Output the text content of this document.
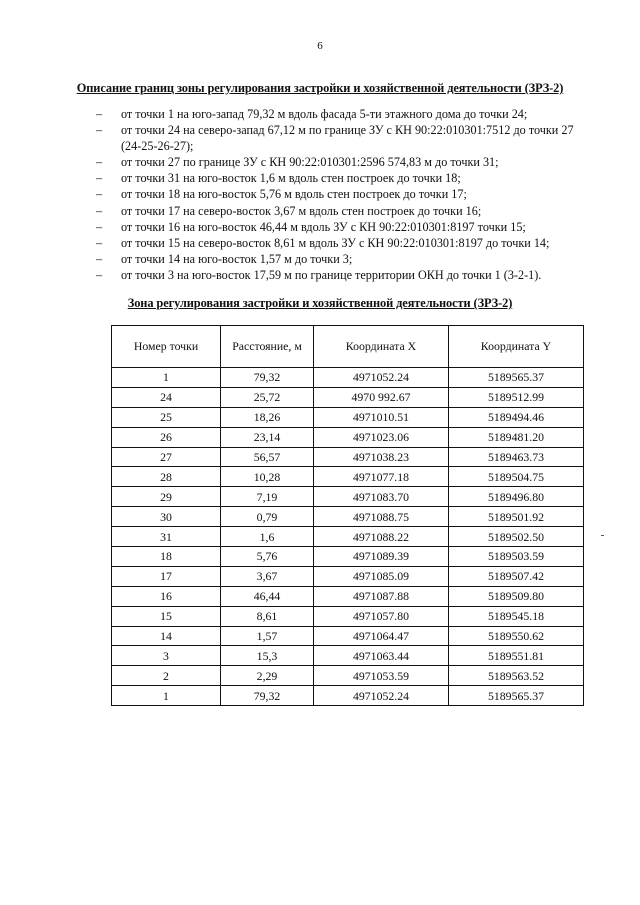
6
Описание границ зоны регулирования застройки и хозяйственной деятельности (ЗРЗ-2)
– от точки 1 на юго-запад 79,32 м вдоль фасада 5-ти этажного дома до точки 24;
– от точки 24 на северо-запад 67,12 м по границе ЗУ с КН 90:22:010301:7512 до точки 27 (24-25-26-27);
– от точки 27 по границе ЗУ с КН 90:22:010301:2596 574,83 м до точки 31;
– от точки 31 на юго-восток 1,6 м вдоль стен построек до точки 18;
– от точки 18 на юго-восток 5,76 м вдоль стен построек до точки 17;
– от точки 17 на северо-восток 3,67 м вдоль стен построек до точки 16;
– от точки 16 на юго-восток 46,44 м вдоль ЗУ с КН 90:22:010301:8197 точки 15;
– от точки 15 на северо-восток 8,61 м вдоль ЗУ с КН 90:22:010301:8197 до точки 14;
– от точки 14 на юго-восток 1,57 м до точки 3;
– от точки 3 на юго-восток 17,59 м по границе территории ОКН до точки 1 (3-2-1).
Зона регулирования застройки и хозяйственной деятельности (ЗРЗ-2)
Номер точки	Расстояние, м	Координата X	Координата Y
1	79,32	4971052.24	5189565.37
24	25,72	4970 992.67	5189512.99
25	18,26	4971010.51	5189494.46
26	23,14	4971023.06	5189481.20
27	56,57	4971038.23	5189463.73
28	10,28	4971077.18	5189504.75
29	7,19	4971083.70	5189496.80
30	0,79	4971088.75	5189501.92
31	1,6	4971088.22	5189502.50
18	5,76	4971089.39	5189503.59
17	3,67	4971085.09	5189507.42
16	46,44	4971087.88	5189509.80
15	8,61	4971057.80	5189545.18
14	1,57	4971064.47	5189550.62
3	15,3	4971063.44	5189551.81
2	2,29	4971053.59	5189563.52
1	79,32	4971052.24	5189565.37
